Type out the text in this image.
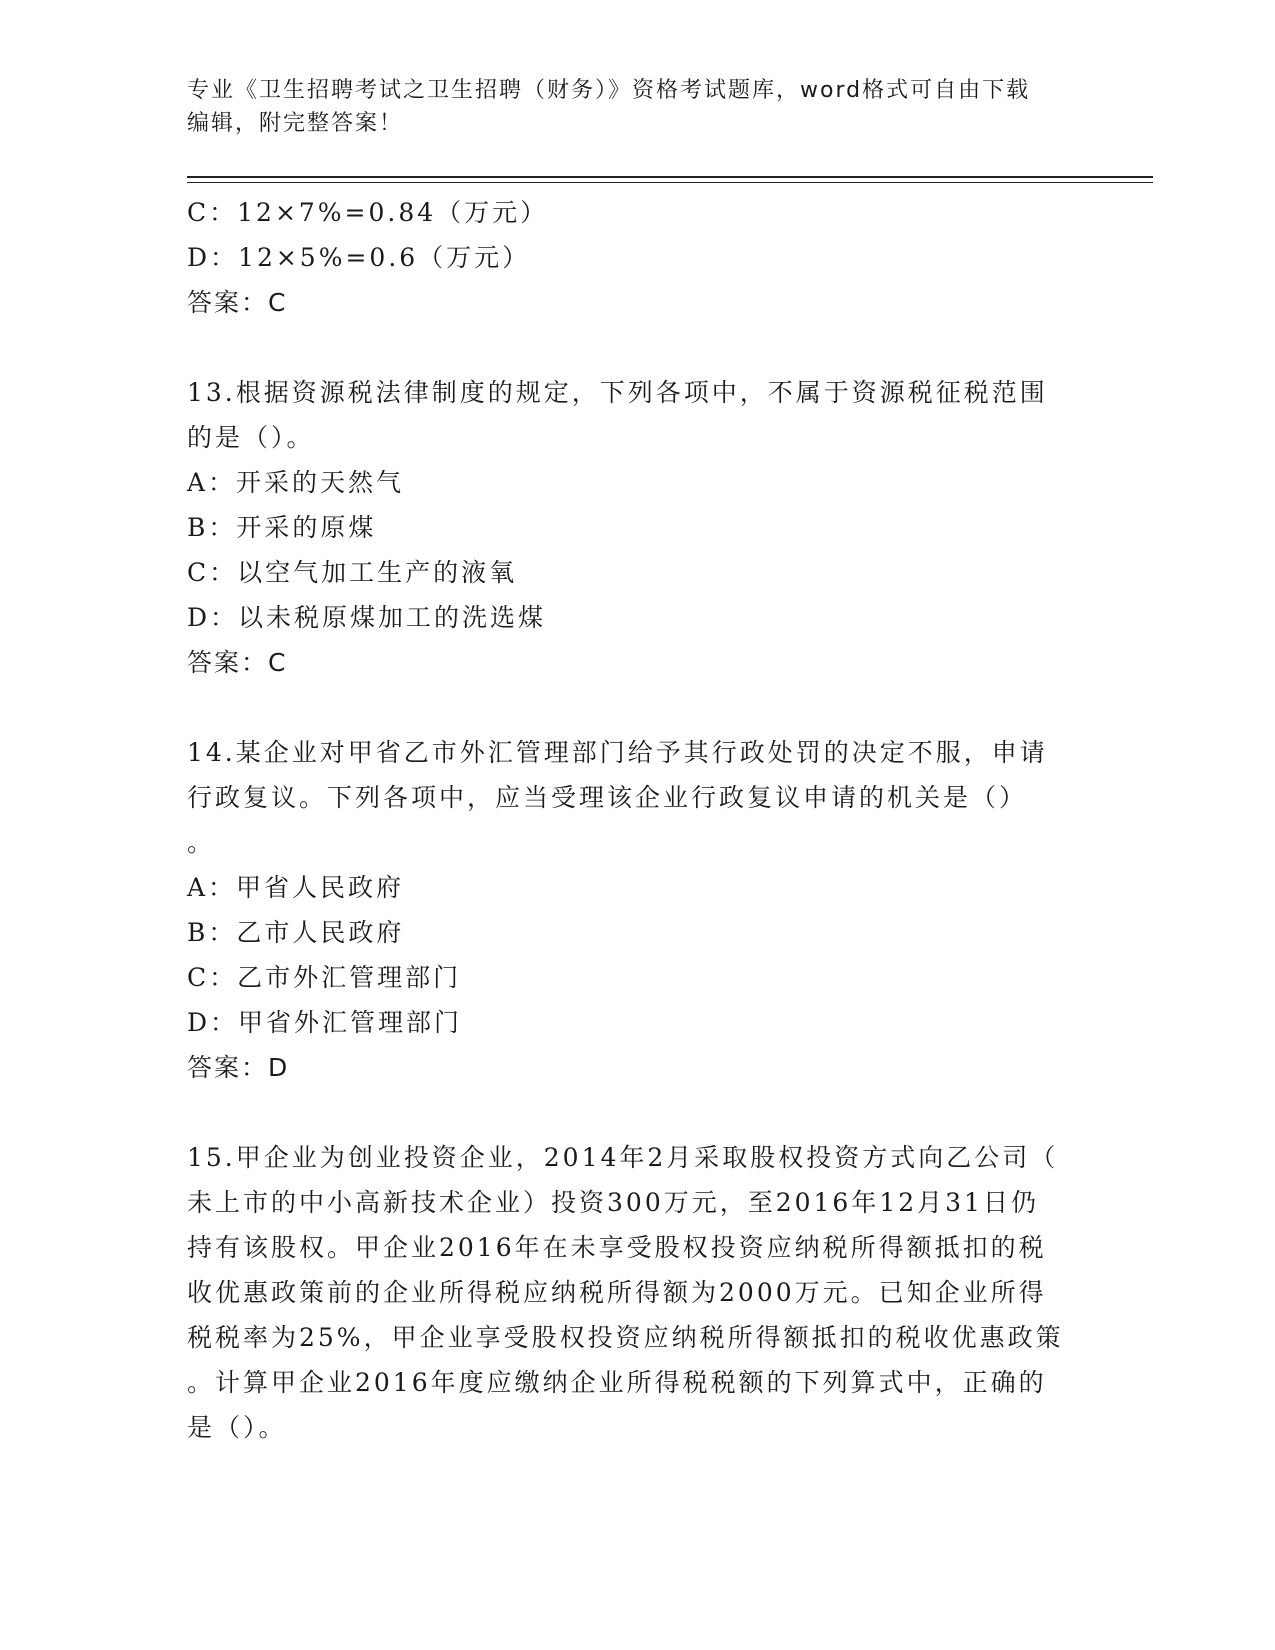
专业《卫生招聘考试之卫生招聘（财务）》资格考试题库，word格式可自由下载
编辑，附完整答案！
C：12×7%=0.84（万元）
D：12×5%=0.6（万元）
答案：C
13.根据资源税法律制度的规定，下列各项中，不属于资源税征税范围
的是（）。
A：开采的天然气
B：开采的原煤
C：以空气加工生产的液氧
D：以未税原煤加工的洗选煤
答案：C
14.某企业对甲省乙市外汇管理部门给予其行政处罚的决定不服，申请
行政复议。下列各项中，应当受理该企业行政复议申请的机关是（）
。
A：甲省人民政府
B：乙市人民政府
C：乙市外汇管理部门
D：甲省外汇管理部门
答案：D
15.甲企业为创业投资企业，2014年2月采取股权投资方式向乙公司（
未上市的中小高新技术企业）投资300万元，至2016年12月31日仍
持有该股权。甲企业2016年在未享受股权投资应纳税所得额抵扣的税
收优惠政策前的企业所得税应纳税所得额为2000万元。已知企业所得
税税率为25%，甲企业享受股权投资应纳税所得额抵扣的税收优惠政策
。计算甲企业2016年度应缴纳企业所得税税额的下列算式中，正确的
是（）。
